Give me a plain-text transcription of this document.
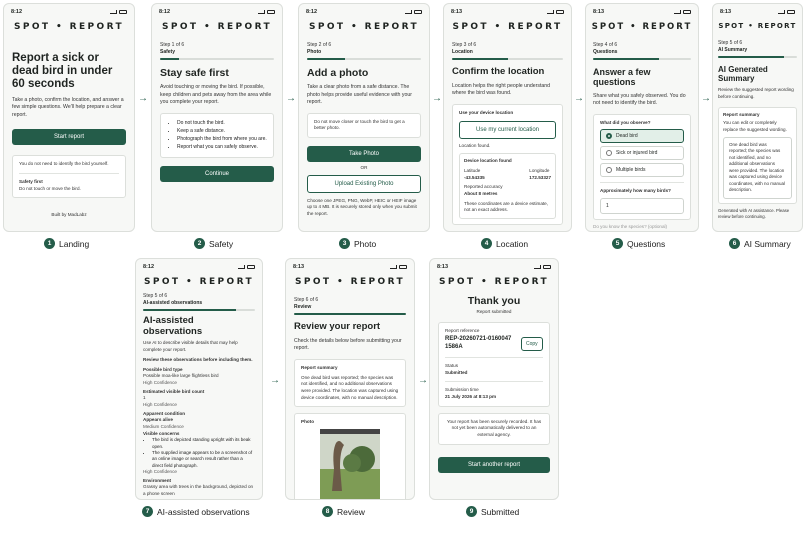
8:12
SPOT • REPORT
Report a sick or dead bird in under 60 seconds
Take a photo, confirm the location, and answer a few simple questions. We'll help prepare a clear report.
Start report
You do not need to identify the bird yourself.
Safety first
Do not touch or move the bird.
Built by MadLabz
8:12
SPOT • REPORT
Step 1 of 6
Safety
Stay safe first
Avoid touching or moving the bird. If possible, keep children and pets away from the area while you complete your report.
• Do not touch the bird.
• Keep a safe distance.
• Photograph the bird from where you are.
• Report what you can safely observe.
Continue
8:12
SPOT • REPORT
Step 2 of 6
Photo
Add a photo
Take a clear photo from a safe distance. The photo helps provide useful evidence with your report.
Do not move closer or touch the bird to get a better photo.
Take Photo
OR
Upload Existing Photo
Choose one JPEG, PNG, WebP, HEIC or HEIF image up to 4 MB. It is securely stored only when you submit the report.
8:13
SPOT • REPORT
Step 3 of 6
Location
Confirm the location
Location helps the right people understand where the bird was found.
Use your device location
Use my current location
Location found.
Device location found
Latitude
-43.54335
Longitude
172.53327
Reported accuracy
About 8 metres
These coordinates are a device estimate, not an exact address.
8:13
SPOT • REPORT
Step 4 of 6
Questions
Answer a few questions
Share what you safely observed. You do not need to identify the bird.
What did you observe?
Dead bird
Sick or injured bird
Multiple birds
Approximately how many birds?
1
Do you know the species? (optional)
8:13
SPOT • REPORT
Step 5 of 6
AI Summary
AI Generated Summary
Review the suggested report wording before continuing.
Report summary
You can edit or completely replace the suggested wording.
One dead bird was reported; the species was not identified, and no additional observations were provided. The location was captured using device coordinates, with no manual description.
Generated with AI assistance. Please review before continuing.
8:12
SPOT • REPORT
Step 5 of 6
AI-assisted observations
AI-assisted observations
Use AI to describe visible details that may help complete your report.
Review these observations before including them.
Possible bird type
Possible moa-like large flightless bird
High Confidence
Estimated visible bird count
1
High Confidence
Apparent condition
Appears alive
Medium Confidence
Visible concerns
• The bird is depicted standing upright with its beak open.
• The supplied image appears to be a screenshot of an online image or search result rather than a direct field photograph.
High Confidence
Environment
Grassy area with trees in the background, depicted on a phone screen
8:13
SPOT • REPORT
Step 6 of 6
Review
Review your report
Check the details below before submitting your report.
Report summary
One dead bird was reported; the species was not identified, and no additional observations were provided. The location was captured using device coordinates, with no manual description.
Photo
8:13
SPOT • REPORT
Thank you
Report submitted
Report reference
REP-20260721-0160047 1586A	Copy
Status
Submitted
Submission time
21 July 2026 at 8:13 pm
Your report has been securely recorded. It has not yet been automatically delivered to an external agency.
Start another report
→	→	→	→	→
→	→
1 Landing	2 Safety	3 Photo	4 Location	5 Questions	6 AI Summary
7 AI-assisted observations	8 Review	9 Submitted
